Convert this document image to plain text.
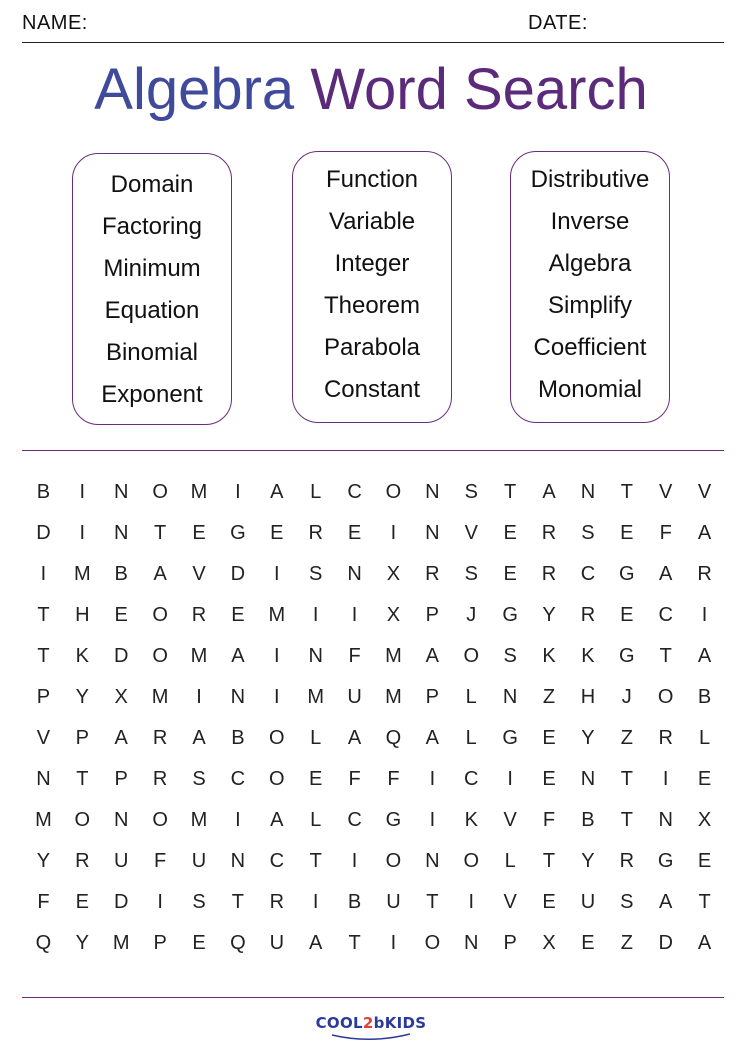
NAME:	DATE:
Algebra Word Search
Domain
Factoring
Minimum
Equation
Binomial
Exponent
Function
Variable
Integer
Theorem
Parabola
Constant
Distributive
Inverse
Algebra
Simplify
Coefficient
Monomial
B	I	N	O	M	I	A	L	C	O	N	S	T	A	N	T	V	V
D	I	N	T	E	G	E	R	E	I	N	V	E	R	S	E	F	A
I	M	B	A	V	D	I	S	N	X	R	S	E	R	C	G	A	R
T	H	E	O	R	E	M	I	I	X	P	J	G	Y	R	E	C	I
T	K	D	O	M	A	I	N	F	M	A	O	S	K	K	G	T	A
P	Y	X	M	I	N	I	M	U	M	P	L	N	Z	H	J	O	B
V	P	A	R	A	B	O	L	A	Q	A	L	G	E	Y	Z	R	L
N	T	P	R	S	C	O	E	F	F	I	C	I	E	N	T	I	E
M	O	N	O	M	I	A	L	C	G	I	K	V	F	B	T	N	X
Y	R	U	F	U	N	C	T	I	O	N	O	L	T	Y	R	G	E
F	E	D	I	S	T	R	I	B	U	T	I	V	E	U	S	A	T
Q	Y	M	P	E	Q	U	A	T	I	O	N	P	X	E	Z	D	A
COOL2bKIDS
